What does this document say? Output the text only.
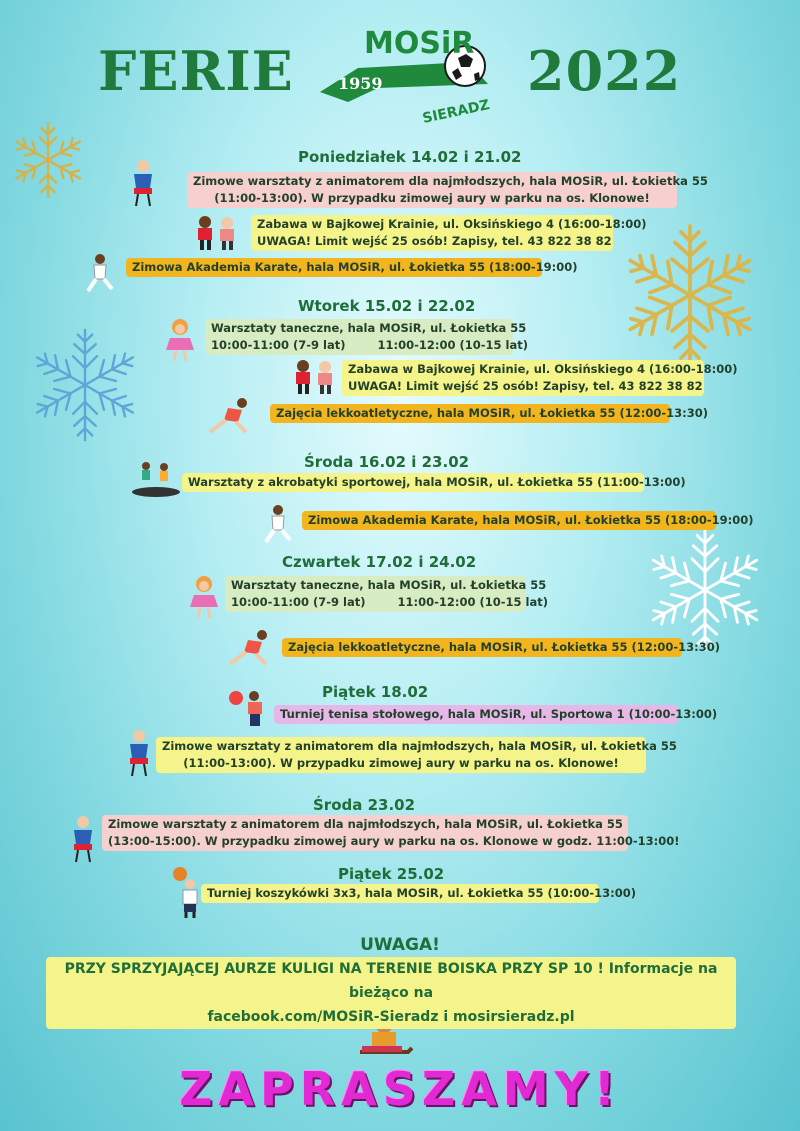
FERIE MOSiR
1959
SIERADZ
2022
Poniedziałek 14.02 i 21.02
Zimowe warsztaty z animatorem dla najmłodszych, hala MOSiR, ul. Łokietka 55
(11:00-13:00). W przypadku zimowej aury w parku na os. Klonowe!
Zabawa w Bajkowej Krainie, ul. Oksińskiego 4 (16:00-18:00)
UWAGA! Limit wejść 25 osób! Zapisy, tel. 43 822 38 82
Zimowa Akademia Karate, hala MOSiR, ul. Łokietka 55 (18:00-19:00)
Wtorek 15.02 i 22.02
Warsztaty taneczne, hala MOSiR, ul. Łokietka 55
10:00-11:00 (7-9 lat)        11:00-12:00 (10-15 lat)
Zabawa w Bajkowej Krainie, ul. Oksińskiego 4 (16:00-18:00)
UWAGA! Limit wejść 25 osób! Zapisy, tel. 43 822 38 82
Zajęcia lekkoatletyczne, hala MOSiR, ul. Łokietka 55 (12:00-13:30)
Środa 16.02 i 23.02
Warsztaty z akrobatyki sportowej, hala MOSiR, ul. Łokietka 55 (11:00-13:00)
Zimowa Akademia Karate, hala MOSiR, ul. Łokietka 55 (18:00-19:00)
Czwartek 17.02 i 24.02
Warsztaty taneczne, hala MOSiR, ul. Łokietka 55
10:00-11:00 (7-9 lat)        11:00-12:00 (10-15 lat)
Zajęcia lekkoatletyczne, hala MOSiR, ul. Łokietka 55 (12:00-13:30)
Piątek 18.02
Turniej tenisa stołowego, hala MOSiR, ul. Sportowa 1 (10:00-13:00)
Zimowe warsztaty z animatorem dla najmłodszych, hala MOSiR, ul. Łokietka 55
(11:00-13:00). W przypadku zimowej aury w parku na os. Klonowe!
Środa 23.02
Zimowe warsztaty z animatorem dla najmłodszych, hala MOSiR, ul. Łokietka 55
(13:00-15:00). W przypadku zimowej aury w parku na os. Klonowe w godz. 11:00-13:00!
Piątek 25.02
Turniej koszykówki 3x3, hala MOSiR, ul. Łokietka 55 (10:00-13:00)
UWAGA!
PRZY SPRZYJAJĄCEJ AURZE KULIGI NA TERENIE BOISKA PRZY SP 10 ! Informacje na bieżąco na
facebook.com/MOSiR-Sieradz i mosirsieradz.pl
ZAPRASZAMY!
